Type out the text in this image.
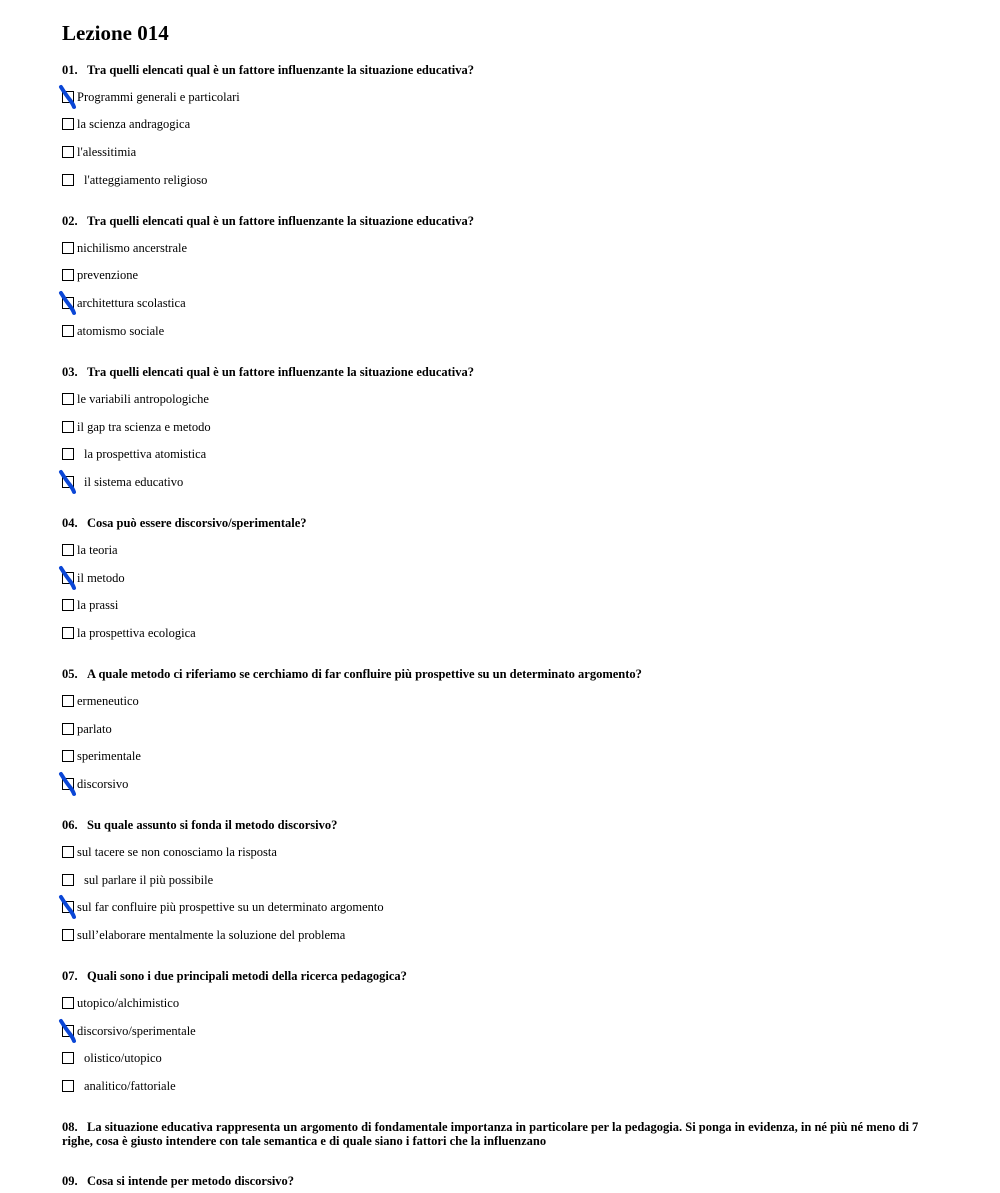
Lezione 014
01. Tra quelli elencati qual è un fattore influenzante la situazione educativa?
Programmi generali e particolari
la scienza andragogica
l'alessitimia
l'atteggiamento religioso
02. Tra quelli elencati qual è un fattore influenzante la situazione educativa?
nichilismo ancerstrale
prevenzione
architettura scolastica
atomismo sociale
03. Tra quelli elencati qual è un fattore influenzante la situazione educativa?
le variabili antropologiche
il gap tra scienza e metodo
la prospettiva atomistica
il sistema educativo
04. Cosa può essere discorsivo/sperimentale?
la teoria
il metodo
la prassi
la prospettiva ecologica
05. A quale metodo ci riferiamo se cerchiamo di far confluire più prospettive su un determinato argomento?
ermeneutico
parlato
sperimentale
discorsivo
06. Su quale assunto si fonda il metodo discorsivo?
sul tacere se non conosciamo la risposta
sul parlare il più possibile
sul far confluire più prospettive su un determinato argomento
sull’elaborare mentalmente la soluzione del problema
07. Quali sono i due principali metodi della ricerca pedagogica?
utopico/alchimistico
discorsivo/sperimentale
olistico/utopico
analitico/fattoriale
08. La situazione educativa rappresenta un argomento di fondamentale importanza in particolare per la pedagogia. Si ponga in evidenza, in né più né meno di 7 righe, cosa è giusto intendere con tale semantica e di quale siano i fattori che la influenzano
09. Cosa si intende per metodo discorsivo?
